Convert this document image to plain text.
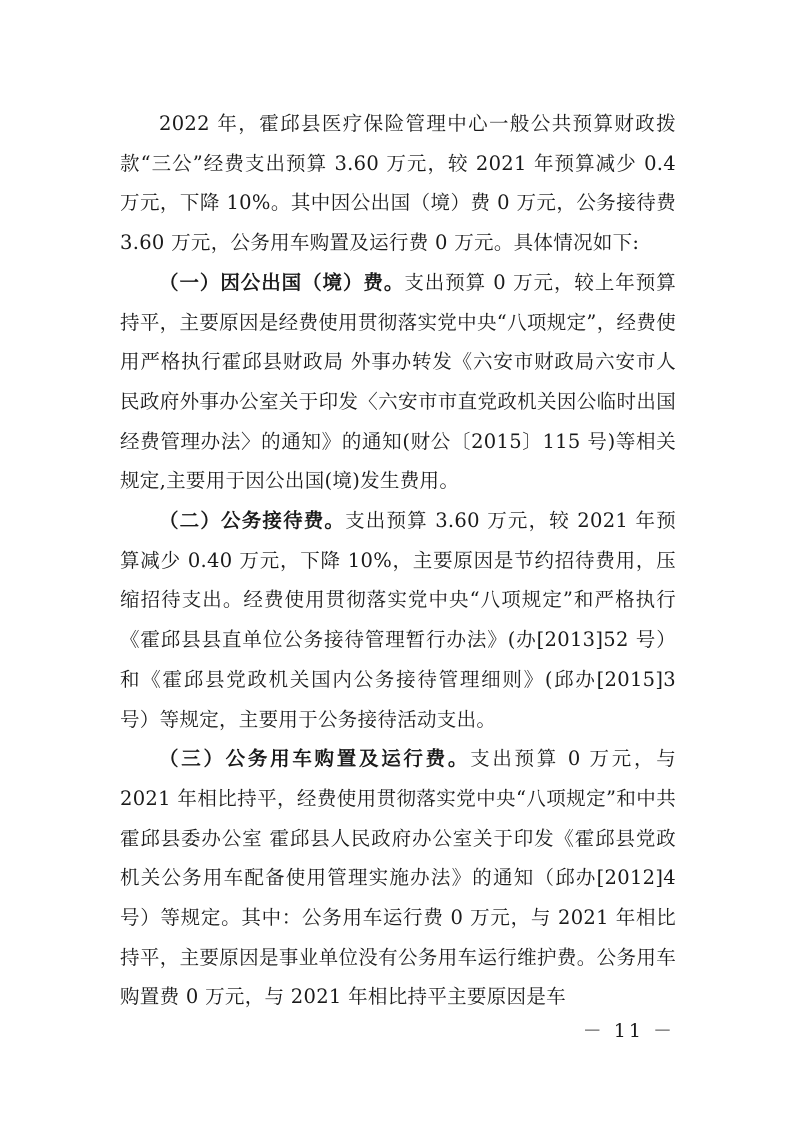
2022 年，霍邱县医疗保险管理中心一般公共预算财政拨款“三公”经费支出预算 3.60 万元，较 2021 年预算减少 0.4 万元，下降 10%。其中因公出国（境）费 0 万元，公务接待费 3.60 万元，公务用车购置及运行费 0 万元。具体情况如下:

（一）因公出国（境）费。支出预算 0 万元，较上年预算持平，主要原因是经费使用贯彻落实党中央“八项规定”，经费使用严格执行霍邱县财政局 外事办转发《六安市财政局六安市人民政府外事办公室关于印发〈六安市市直党政机关因公临时出国经费管理办法〉的通知》的通知(财公〔2015〕115 号)等相关规定,主要用于因公出国(境)发生费用。

（二）公务接待费。支出预算 3.60 万元，较 2021 年预算减少 0.40 万元，下降 10%，主要原因是节约招待费用，压缩招待支出。经费使用贯彻落实党中央“八项规定”和严格执行《霍邱县县直单位公务接待管理暂行办法》(办[2013]52 号）和《霍邱县党政机关国内公务接待管理细则》(邱办[2015]3 号）等规定，主要用于公务接待活动支出。

（三）公务用车购置及运行费。支出预算 0 万元，与 2021 年相比持平，经费使用贯彻落实党中央“八项规定”和中共霍邱县委办公室 霍邱县人民政府办公室关于印发《霍邱县党政机关公务用车配备使用管理实施办法》的通知（邱办[2012]4 号）等规定。其中：公务用车运行费 0 万元，与 2021 年相比持平，主要原因是事业单位没有公务用车运行维护费。公务用车购置费 0 万元，与 2021 年相比持平主要原因是车

－ 11 －
